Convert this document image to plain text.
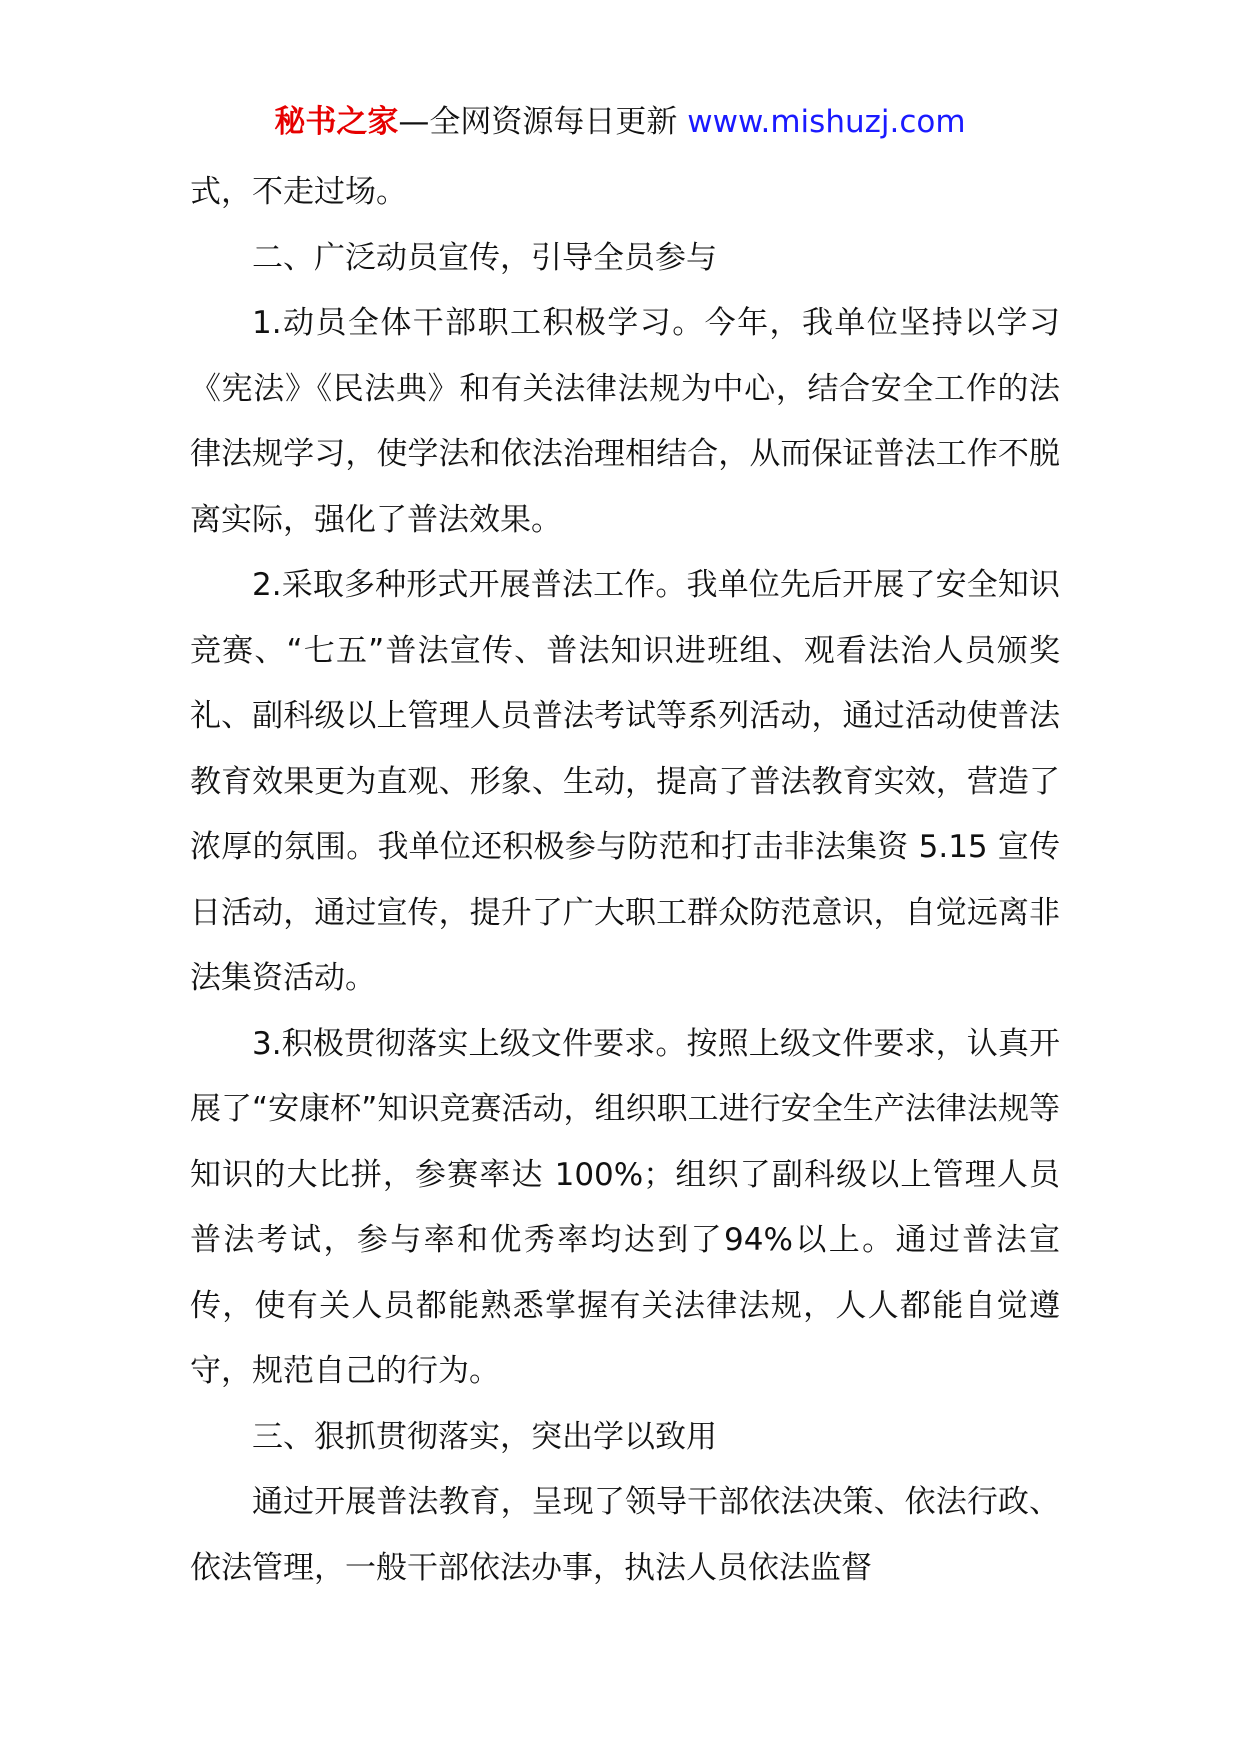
秘书之家—全网资源每日更新 www.mishuzj.com

式，不走过场。

二、广泛动员宣传，引导全员参与

1.动员全体干部职工积极学习。今年，我单位坚持以学习《宪法》《民法典》和有关法律法规为中心，结合安全工作的法律法规学习，使学法和依法治理相结合，从而保证普法工作不脱离实际，强化了普法效果。

2.采取多种形式开展普法工作。我单位先后开展了安全知识竞赛、“七五”普法宣传、普法知识进班组、观看法治人员颁奖礼、副科级以上管理人员普法考试等系列活动，通过活动使普法教育效果更为直观、形象、生动，提高了普法教育实效，营造了浓厚的氛围。我单位还积极参与防范和打击非法集资 5.15 宣传日活动，通过宣传，提升了广大职工群众防范意识，自觉远离非法集资活动。

3.积极贯彻落实上级文件要求。按照上级文件要求，认真开展了“安康杯”知识竞赛活动，组织职工进行安全生产法律法规等知识的大比拼，参赛率达 100%；组织了副科级以上管理人员普法考试，参与率和优秀率均达到了94%以上。通过普法宣传，使有关人员都能熟悉掌握有关法律法规，人人都能自觉遵守，规范自己的行为。

三、狠抓贯彻落实，突出学以致用

通过开展普法教育，呈现了领导干部依法决策、依法行政、依法管理，一般干部依法办事，执法人员依法监督
